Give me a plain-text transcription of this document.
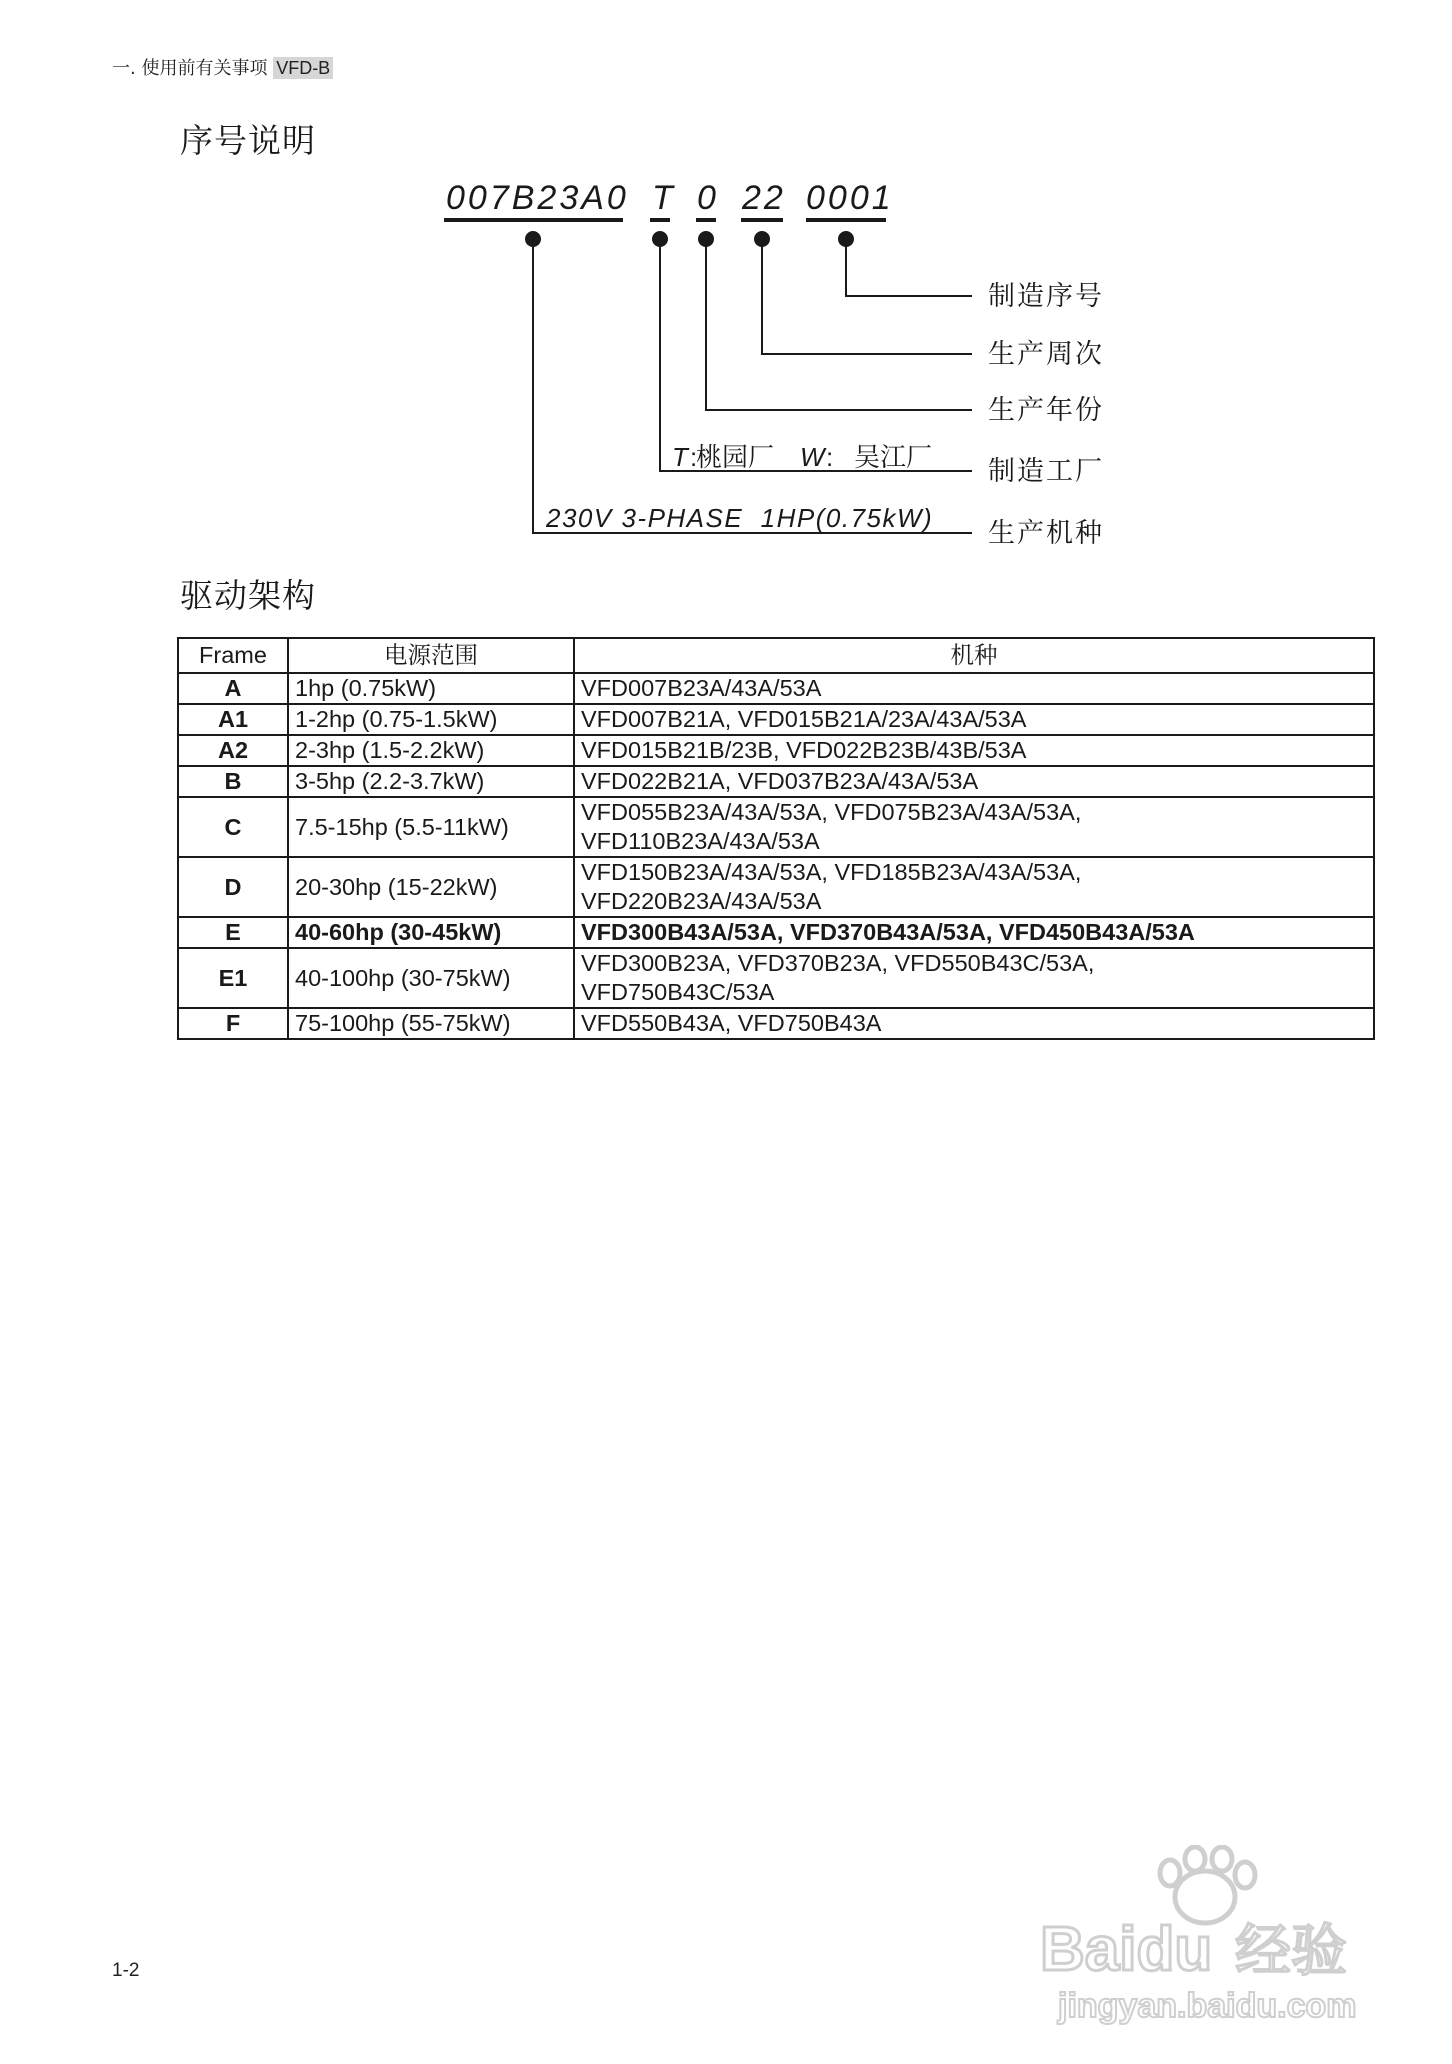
一. 使用前有关事项 VFD-B
序号说明
007B23A0 T 0 22 0001
制造序号
生产周次
生产年份
制造工厂
生产机种
T :
桃园厂 W : 吴江厂
230V 3-PHASE  1HP(0.75kW)
驱动架构
Frame	电源范围	机种
A	1hp (0.75kW)	VFD007B23A/43A/53A

A1	1-2hp (0.75-1.5kW)	VFD007B21A, VFD015B21A/23A/43A/53A

A2	2-3hp (1.5-2.2kW)	VFD015B21B/23B, VFD022B23B/43B/53A

B	3-5hp (2.2-3.7kW)	VFD022B21A, VFD037B23A/43A/53A

C	7.5-15hp (5.5-11kW)	VFD055B23A/43A/53A, VFD075B23A/43A/53A,
VFD110B23A/43A/53A

D	20-30hp (15-22kW)	VFD150B23A/43A/53A, VFD185B23A/43A/53A,
VFD220B23A/43A/53A

E	40-60hp (30-45kW)	VFD300B43A/53A, VFD370B43A/53A, VFD450B43A/53A

E1	40-100hp (30-75kW)	VFD300B23A, VFD370B23A, VFD550B43C/53A,
VFD750B43C/53A

F	75-100hp (55-75kW)	VFD550B43A, VFD750B43A
1-2	Baidu 经验
jingyan.baidu.com
